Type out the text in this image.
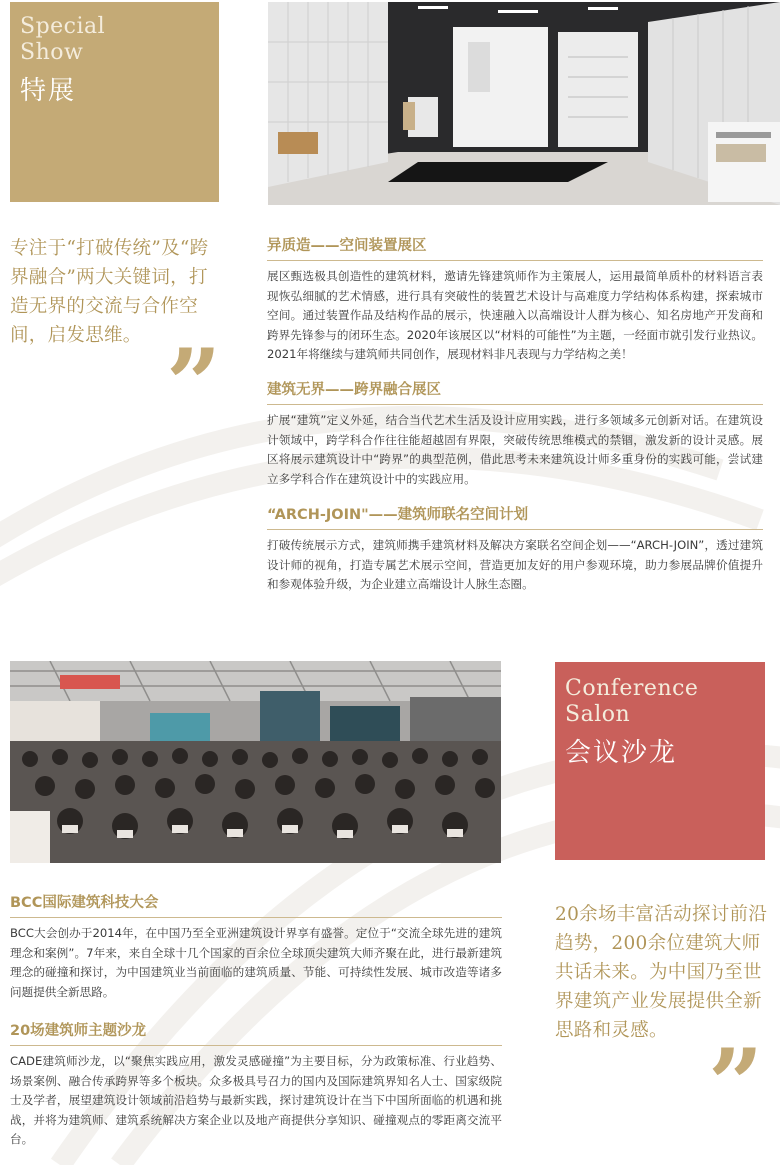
Special
Show
特展
专注于“打破传统”及“跨界融合”两大关键词，打造无界的交流与合作空间，启发思维。 ”
异质造——空间装置展区
展区甄选极具创造性的建筑材料，邀请先锋建筑师作为主策展人，运用最简单质朴的材料语言表现恢弘细腻的艺术情感，进行具有突破性的装置艺术设计与高难度力学结构体系构建，探索城市空间。通过装置作品及结构作品的展示，快速融入以高端设计人群为核心、知名房地产开发商和跨界先锋参与的闭环生态。2020年该展区以“材料的可能性”为主题，一经面市就引发行业热议。2021年将继续与建筑师共同创作，展现材料非凡表现与力学结构之美！
建筑无界——跨界融合展区
扩展“建筑”定义外延，结合当代艺术生活及设计应用实践，进行多领域多元创新对话。在建筑设计领域中，跨学科合作往往能超越固有界限，突破传统思维模式的禁锢，激发新的设计灵感。展区将展示建筑设计中“跨界”的典型范例，借此思考未来建筑设计师多重身份的实践可能，尝试建立多学科合作在建筑设计中的实践应用。
“ARCH-JOIN"——建筑师联名空间计划
打破传统展示方式，建筑师携手建筑材料及解决方案联名空间企划——“ARCH-JOIN”，透过建筑设计师的视角，打造专属艺术展示空间，营造更加友好的用户参观环境，助力参展品牌价值提升和参观体验升级，为企业建立高端设计人脉生态圈。
Conference
Salon
会议沙龙
BCC国际建筑科技大会
BCC大会创办于2014年，在中国乃至全亚洲建筑设计界享有盛誉。定位于“交流全球先进的建筑理念和案例”。7年来，来自全球十几个国家的百余位全球顶尖建筑大师齐聚在此，进行最新建筑理念的碰撞和探讨，为中国建筑业当前面临的建筑质量、节能、可持续性发展、城市改造等诸多问题提供全新思路。
20场建筑师主题沙龙
CADE建筑师沙龙，以“聚焦实践应用，激发灵感碰撞”为主要目标，分为政策标准、行业趋势、场景案例、融合传承跨界等多个板块。众多极具号召力的国内及国际建筑界知名人士、国家级院士及学者，展望建筑设计领域前沿趋势与最新实践，探讨建筑设计在当下中国所面临的机遇和挑战，并将为建筑师、建筑系统解决方案企业以及地产商提供分享知识、碰撞观点的零距离交流平台。
20余场丰富活动探讨前沿趋势，200余位建筑大师共话未来。为中国乃至世界建筑产业发展提供全新思路和灵感。 ”
